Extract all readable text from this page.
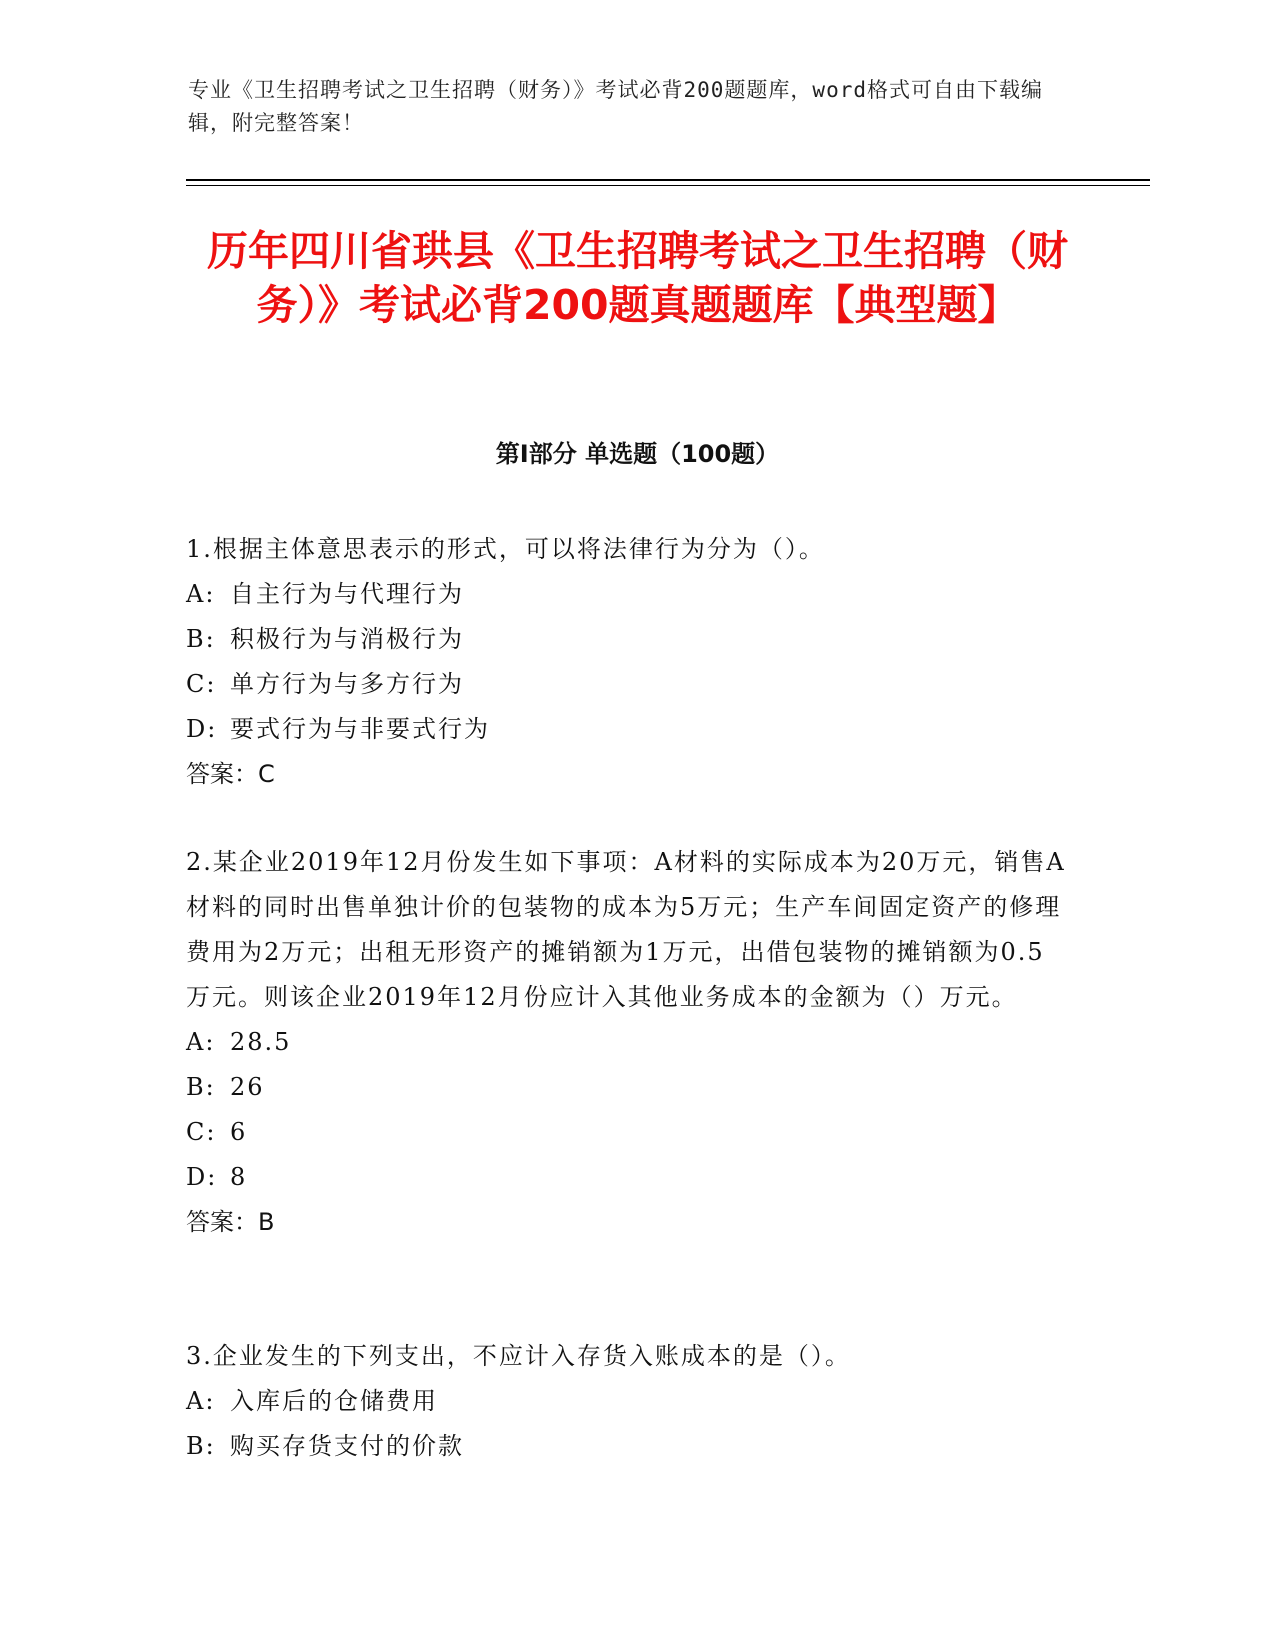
专业《卫生招聘考试之卫生招聘（财务）》考试必背200题题库，word格式可自由下载编辑，附完整答案！

历年四川省珙县《卫生招聘考试之卫生招聘（财务）》考试必背200题真题题库【典型题】
第I部分 单选题（100题）

1.根据主体意思表示的形式，可以将法律行为分为（）。

A: 自主行为与代理行为

B: 积极行为与消极行为

C: 单方行为与多方行为

D: 要式行为与非要式行为

答案：C

2.某企业2019年12月份发生如下事项：A材料的实际成本为20万元，销售A材料的同时出售单独计价的包装物的成本为5万元；生产车间固定资产的修理费用为2万元；出租无形资产的摊销额为1万元，出借包装物的摊销额为0.5万元。则该企业2019年12月份应计入其他业务成本的金额为（）万元。

A: 28.5

B: 26

C: 6

D: 8

答案：B

3.企业发生的下列支出，不应计入存货入账成本的是（）。

A: 入库后的仓储费用

B: 购买存货支付的价款
